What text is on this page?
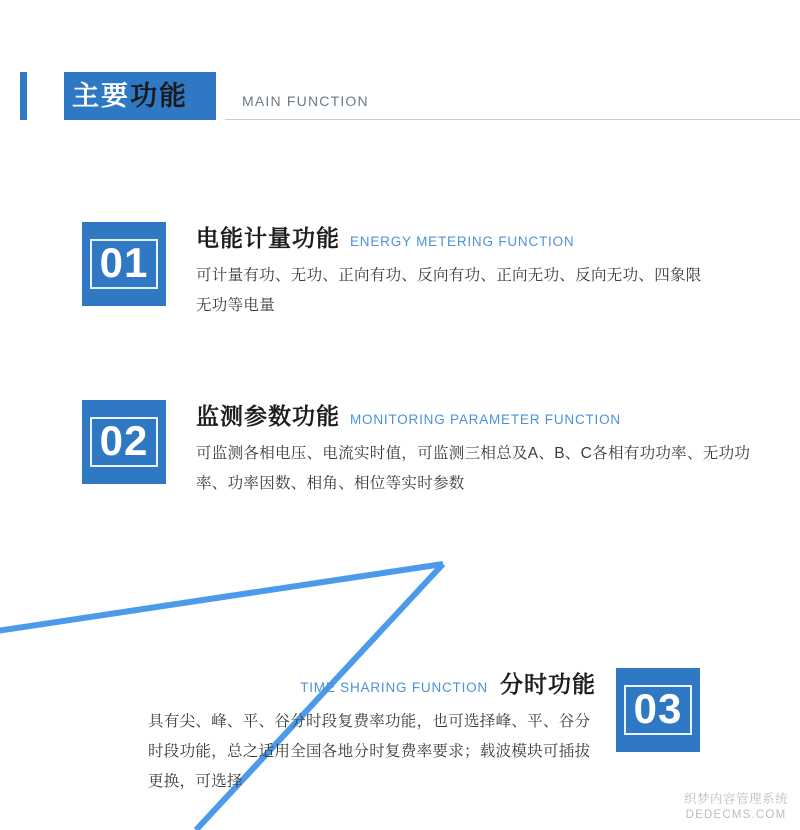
主要功能	MAIN FUNCTION
01
电能计量功能 ENERGY METERING FUNCTION
可计量有功、无功、正向有功、反向有功、正向无功、反向无功、四象限无功等电量
02
监测参数功能 MONITORING PARAMETER FUNCTION
可监测各相电压、电流实时值，可监测三相总及A、B、C各相有功功率、无功功率、功率因数、相角、相位等实时参数
03
TIME SHARING FUNCTION 分时功能
具有尖、峰、平、谷分时段复费率功能，也可选择峰、平、谷分时段功能，总之适用全国各地分时复费率要求；载波模块可插拔更换，可选择
织梦内容管理系统
DEDECMS.COM
